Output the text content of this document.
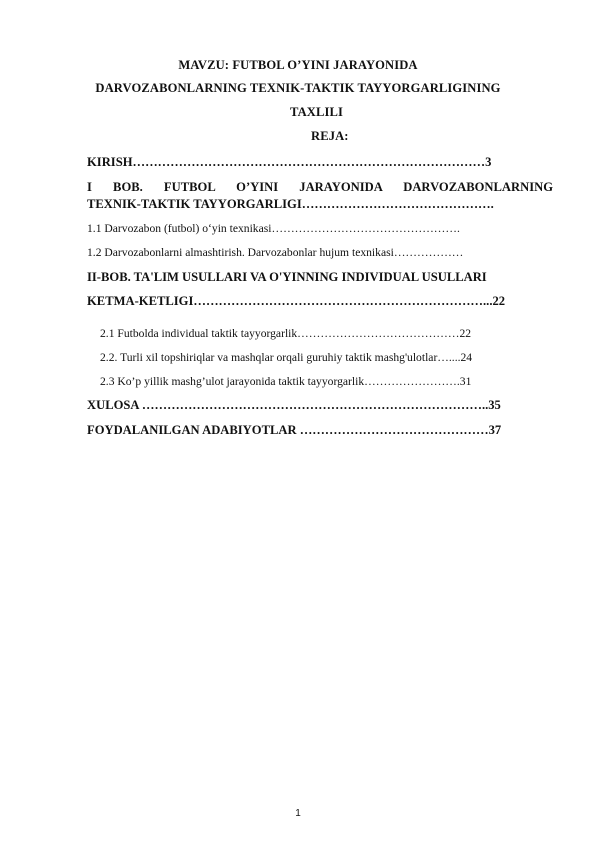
MAVZU: FUTBOL O’YINI JARAYONIDA
DARVOZABONLARNING TEXNIK-TAKTIK TAYYORGARLIGINING
TAXLILI
REJA:
KIRISH…………………………………………………………………………3
I BOB. FUTBOL O’YINI JARAYONIDA DARVOZABONLARNING
TEXNIK-TAKTIK TAYYORGARLIGI……………………………………….
1.1 Darvozabon (futbol) o‘yin texnikasi………………………………………….
1.2 Darvozabonlarni almashtirish. Darvozabonlar hujum texnikasi………………
II-BOB. TA'LIM USULLARI VA O'YINNING INDIVIDUAL USULLARI
KETMA-KETLIGI……………………………………………………………...22
2.1 Futbolda individual taktik tayyorgarlik……………………………………22
2.2. Turli xil topshiriqlar va mashqlar orqali guruhiy taktik mashg'ulotlar…....24
2.3 Ko’p yillik mashg’ulot jarayonida taktik tayyorgarlik…………………….31
XULOSA ………………………………………………………………………..35
FOYDALANILGAN ADABIYOTLAR ………………………………………37
1
